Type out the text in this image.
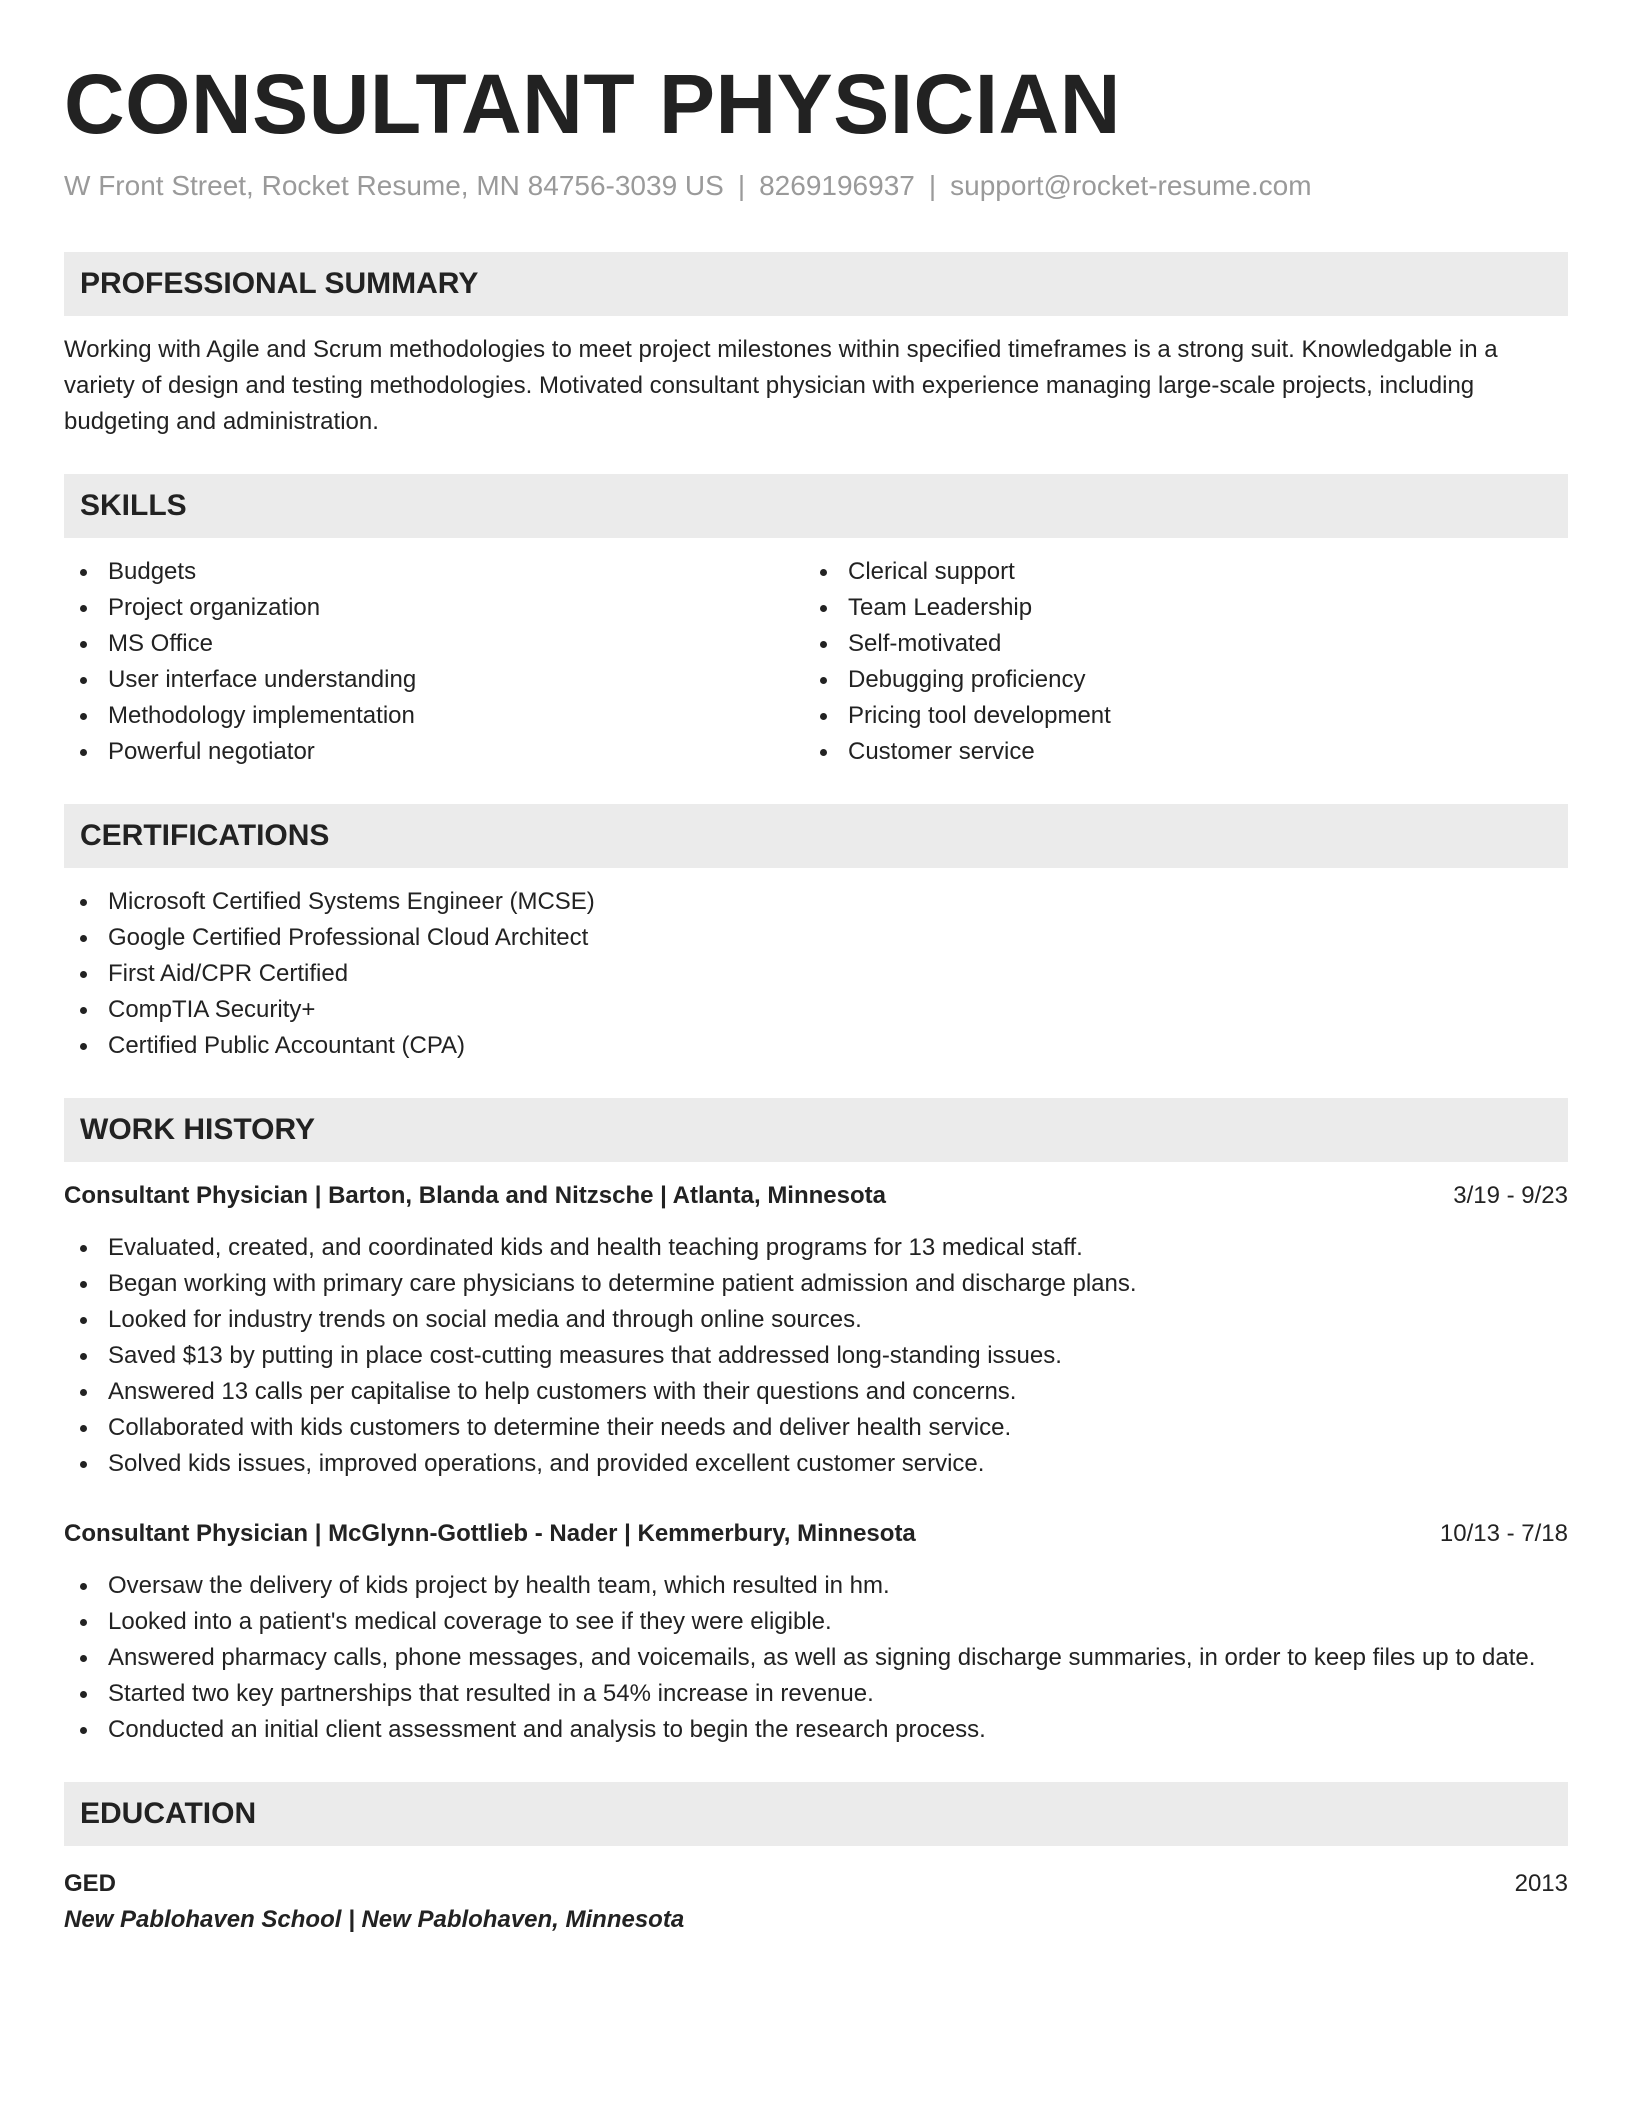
CONSULTANT PHYSICIAN
W Front Street, Rocket Resume, MN 84756-3039 US | 8269196937 | support@rocket-resume.com
PROFESSIONAL SUMMARY

Working with Agile and Scrum methodologies to meet project milestones within specified timeframes is a strong suit. Knowledgable in a variety of design and testing methodologies. Motivated consultant physician with experience managing large-scale projects, including budgeting and administration.

SKILLS
Budgets
Project organization
MS Office
User interface understanding
Methodology implementation
Powerful negotiator
Clerical support
Team Leadership
Self-motivated
Debugging proficiency
Pricing tool development
Customer service
CERTIFICATIONS
Microsoft Certified Systems Engineer (MCSE)
Google Certified Professional Cloud Architect
First Aid/CPR Certified
CompTIA Security+
Certified Public Accountant (CPA)
WORK HISTORY
Consultant Physician | Barton, Blanda and Nitzsche | Atlanta, Minnesota	3/19 - 9/23
Evaluated, created, and coordinated kids and health teaching programs for 13 medical staff.
Began working with primary care physicians to determine patient admission and discharge plans.
Looked for industry trends on social media and through online sources.
Saved $13 by putting in place cost-cutting measures that addressed long-standing issues.
Answered 13 calls per capitalise to help customers with their questions and concerns.
Collaborated with kids customers to determine their needs and deliver health service.
Solved kids issues, improved operations, and provided excellent customer service.
Consultant Physician | McGlynn-Gottlieb - Nader | Kemmerbury, Minnesota	10/13 - 7/18
Oversaw the delivery of kids project by health team, which resulted in hm.
Looked into a patient's medical coverage to see if they were eligible.
Answered pharmacy calls, phone messages, and voicemails, as well as signing discharge summaries, in order to keep files up to date.
Started two key partnerships that resulted in a 54% increase in revenue.
Conducted an initial client assessment and analysis to begin the research process.
EDUCATION
GED	2013
New Pablohaven School | New Pablohaven, Minnesota
